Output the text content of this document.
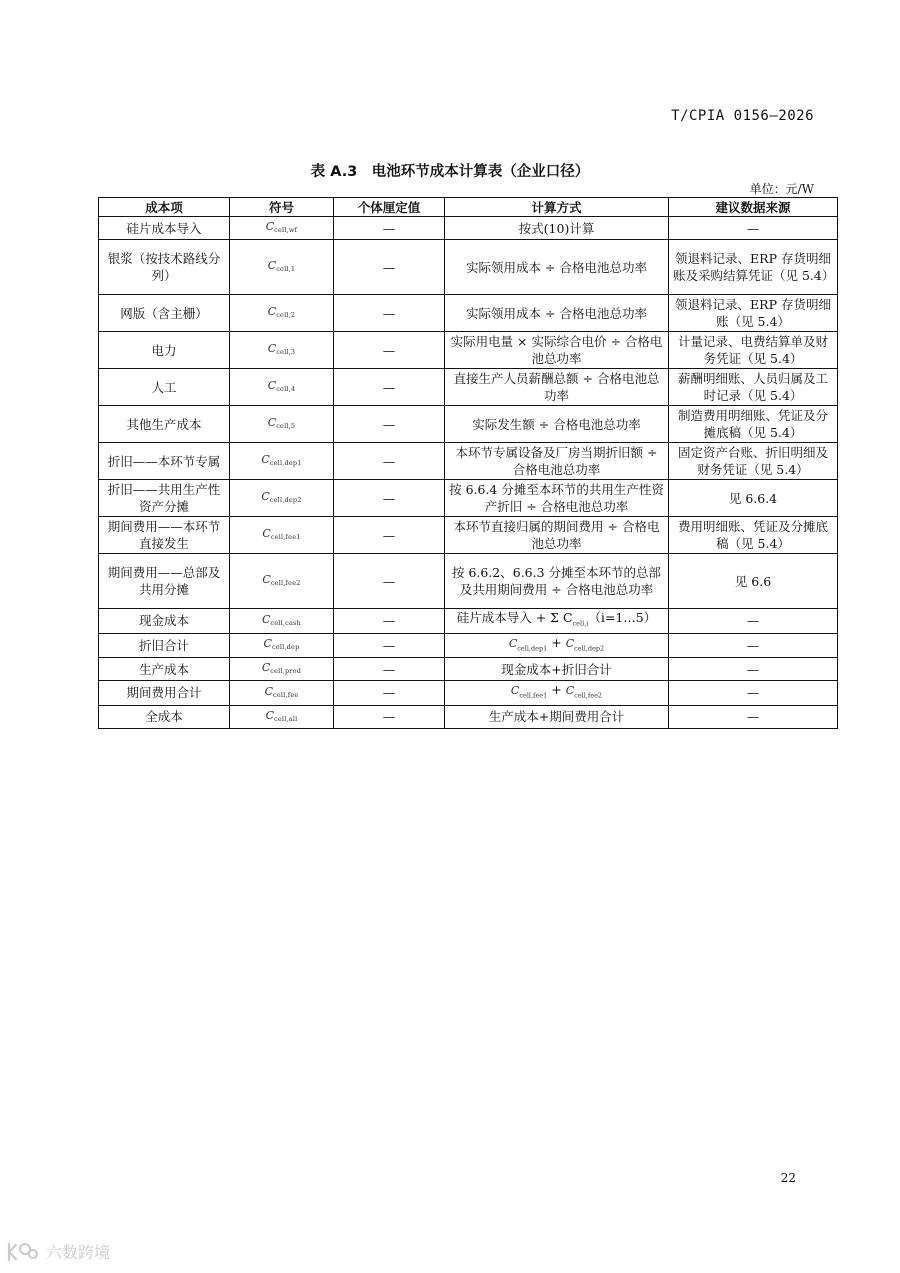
T/CPIA 0156—2026
表 A.3　电池环节成本计算表（企业口径）
单位：元/W
成本项	符号	个体厘定值	计算方式	建议数据来源
硅片成本导入	$C_{cell,wf}$	—	按式(10)计算	—
银浆（按技术路线分列）	$C_{cell,1}$	—	实际领用成本 ÷ 合格电池总功率	领退料记录、ERP 存货明细账及采购结算凭证（见 5.4）
网版（含主栅）	$C_{cell,2}$	—	实际领用成本 ÷ 合格电池总功率	领退料记录、ERP 存货明细账（见 5.4）
电力	$C_{cell,3}$	—	实际用电量 × 实际综合电价 ÷ 合格电池总功率	计量记录、电费结算单及财务凭证（见 5.4）
人工	$C_{cell,4}$	—	直接生产人员薪酬总额 ÷ 合格电池总功率	薪酬明细账、人员归属及工时记录（见 5.4）
其他生产成本	$C_{cell,5}$	—	实际发生额 ÷ 合格电池总功率	制造费用明细账、凭证及分摊底稿（见 5.4）
折旧——本环节专属	$C_{cell,dep1}$	—	本环节专属设备及厂房当期折旧额 ÷ 合格电池总功率	固定资产台账、折旧明细及财务凭证（见 5.4）
折旧——共用生产性资产分摊	$C_{cell,dep2}$	—	按 6.6.4 分摊至本环节的共用生产性资产折旧 ÷ 合格电池总功率	见 6.6.4
期间费用——本环节直接发生	$C_{cell,fee1}$	—	本环节直接归属的期间费用 ÷ 合格电池总功率	费用明细账、凭证及分摊底稿（见 5.4）
期间费用——总部及共用分摊	$C_{cell,fee2}$	—	按 6.6.2、6.6.3 分摊至本环节的总部及共用期间费用 ÷ 合格电池总功率	见 6.6
现金成本	$C_{cell,cash}$	—	硅片成本导入 + Σ $C_{cell,i}(i=1\dots 5)$	—
折旧合计	$C_{cell,dep}$	—	$C_{cell,dep1} + C_{cell,dep2}$	—
生产成本	$C_{cell,prod}$	—	现金成本+折旧合计	—
期间费用合计	$C_{cell,fee}$	—	$C_{cell,fee1} + C_{cell,fee2}$	—
全成本	$C_{cell,all}$	—	生产成本+期间费用合计	—
22
六数跨境
